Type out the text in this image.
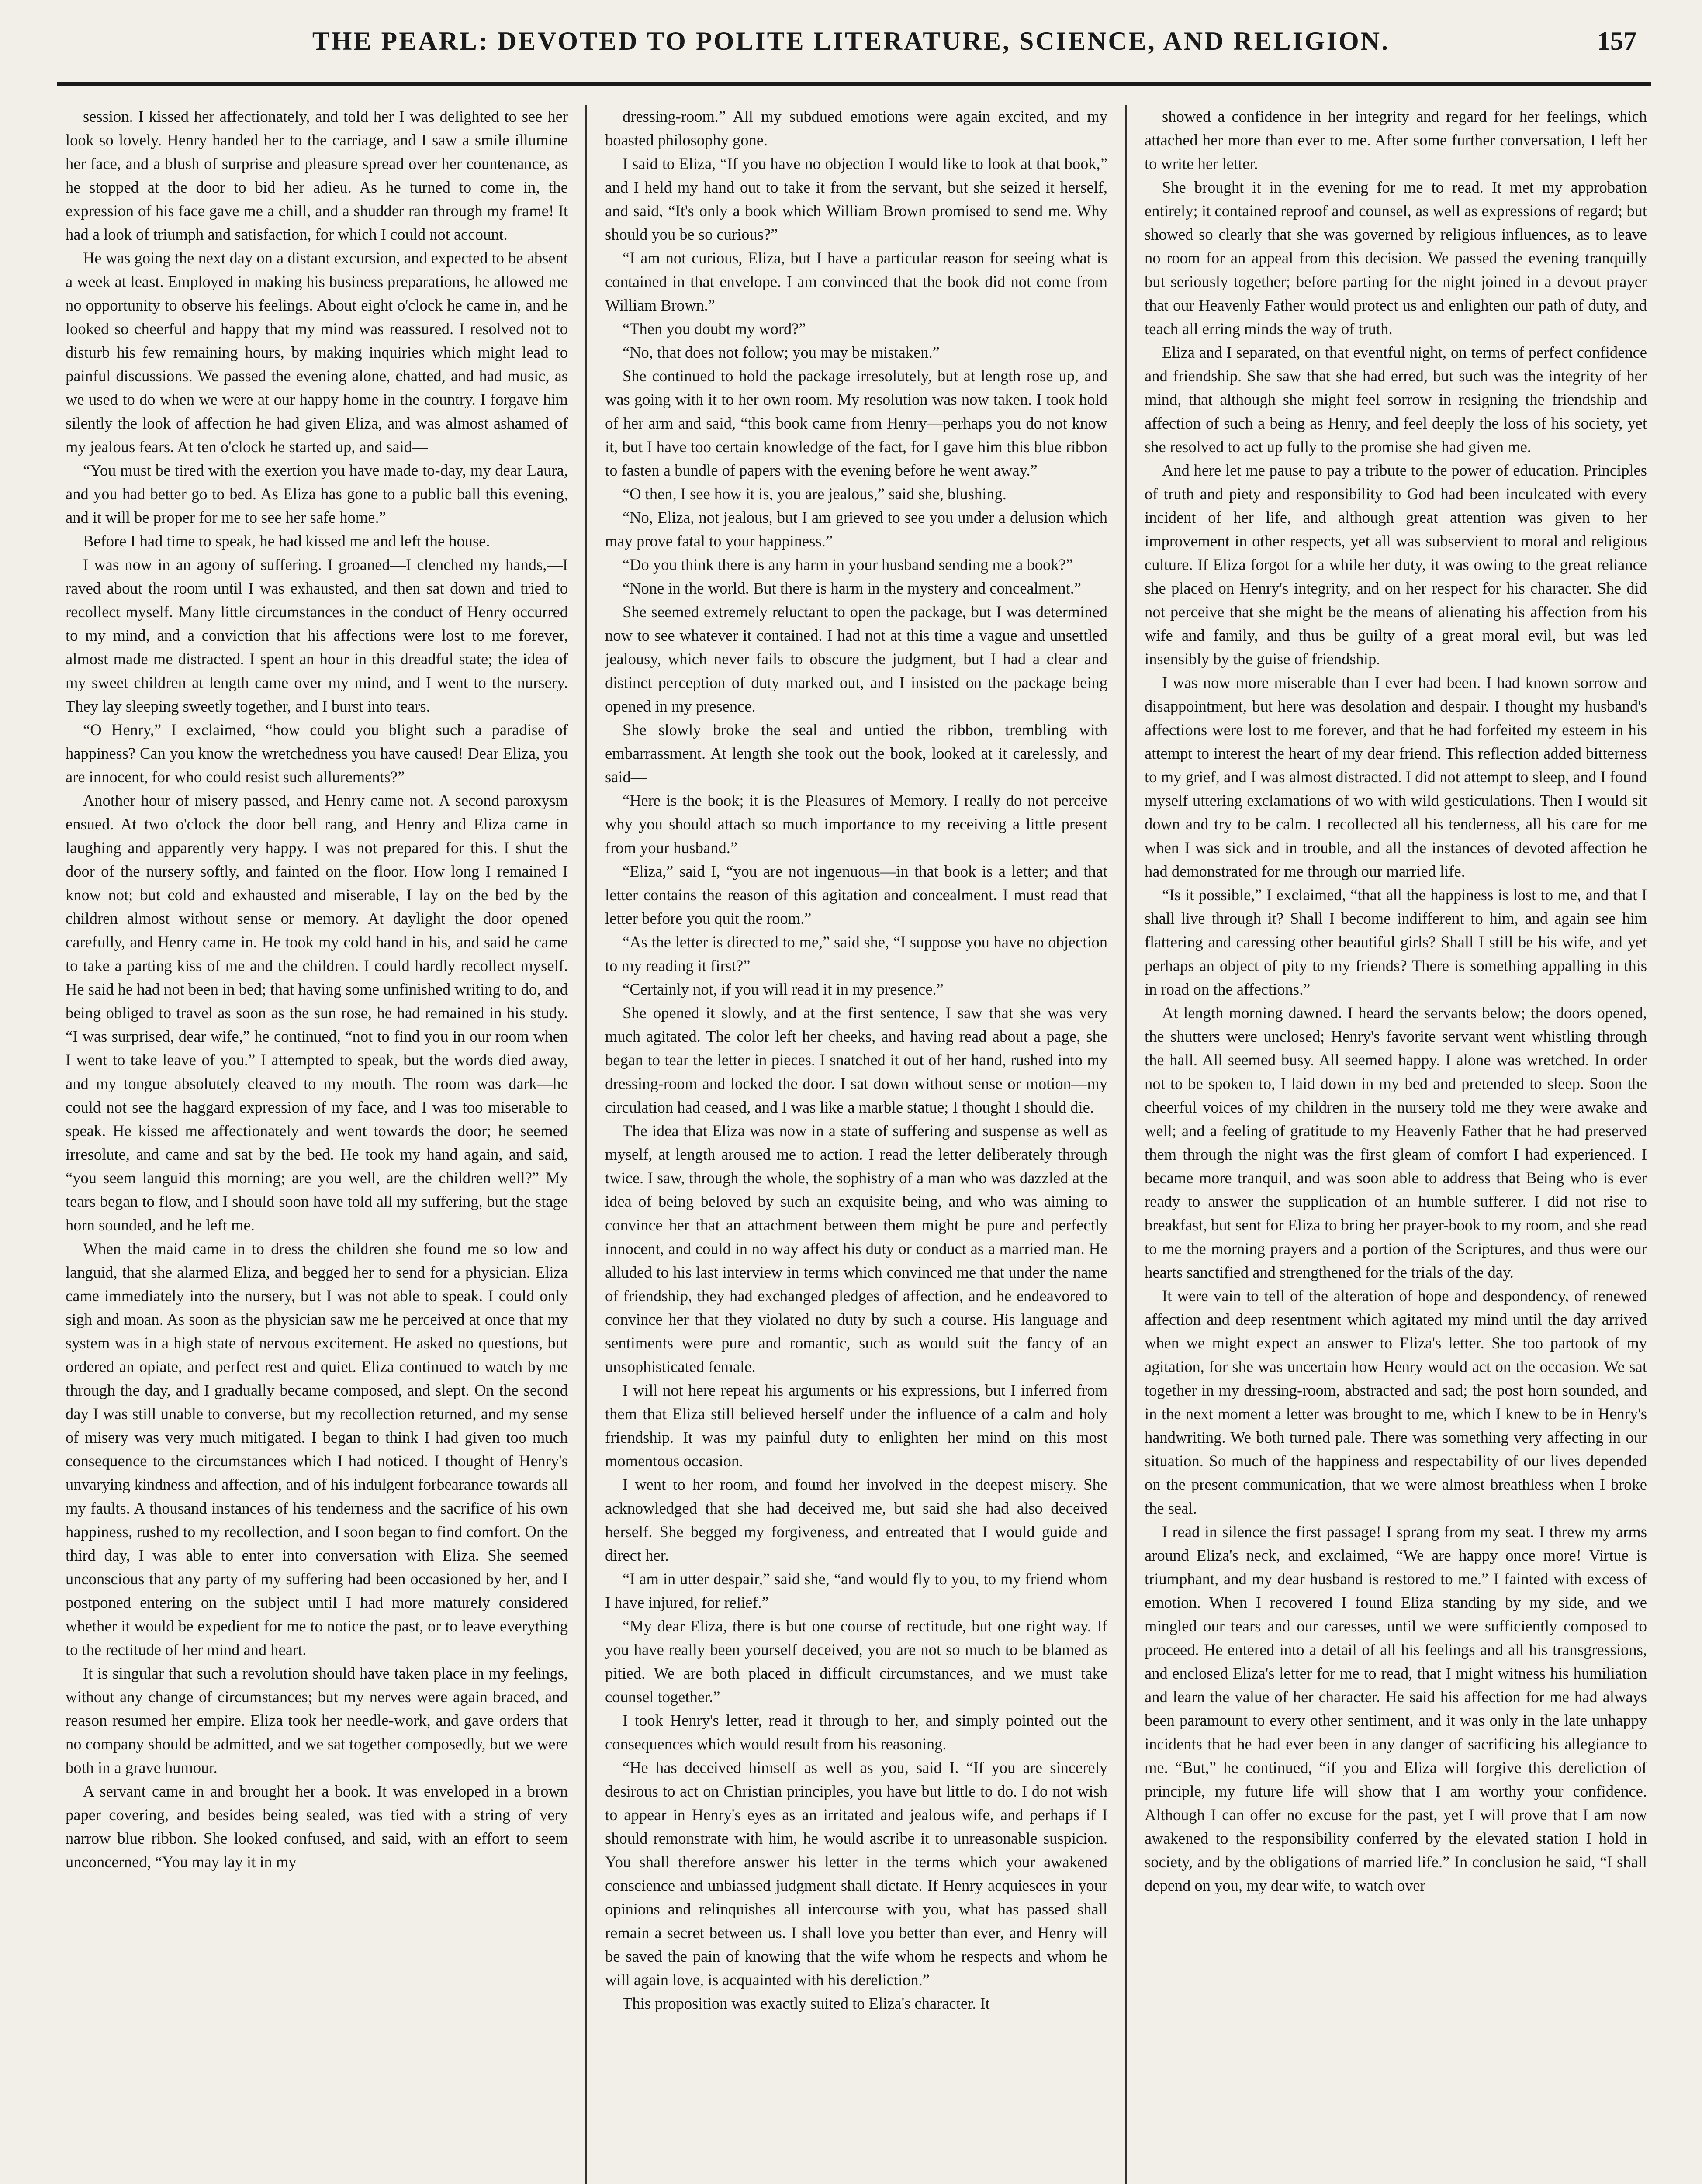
THE PEARL: DEVOTED TO POLITE LITERATURE, SCIENCE, AND RELIGION.	157

session. I kissed her affectionately, and told her I was delighted to see her look so lovely. Henry handed her to the carriage, and I saw a smile illumine her face, and a blush of surprise and pleasure spread over her countenance, as he stopped at the door to bid her adieu. As he turned to come in, the expression of his face gave me a chill, and a shudder ran through my frame! It had a look of triumph and satisfaction, for which I could not account.

He was going the next day on a distant excursion, and expected to be absent a week at least. Employed in making his business preparations, he allowed me no opportunity to observe his feelings. About eight o'clock he came in, and he looked so cheerful and happy that my mind was reassured. I resolved not to disturb his few remaining hours, by making inquiries which might lead to painful discussions. We passed the evening alone, chatted, and had music, as we used to do when we were at our happy home in the country. I forgave him silently the look of affection he had given Eliza, and was almost ashamed of my jealous fears. At ten o'clock he started up, and said—

“You must be tired with the exertion you have made to-day, my dear Laura, and you had better go to bed. As Eliza has gone to a public ball this evening, and it will be proper for me to see her safe home.”

Before I had time to speak, he had kissed me and left the house.

I was now in an agony of suffering. I groaned—I clenched my hands,—I raved about the room until I was exhausted, and then sat down and tried to recollect myself. Many little circumstances in the conduct of Henry occurred to my mind, and a conviction that his affections were lost to me forever, almost made me distracted. I spent an hour in this dreadful state; the idea of my sweet children at length came over my mind, and I went to the nursery. They lay sleeping sweetly together, and I burst into tears.

“O Henry,” I exclaimed, “how could you blight such a paradise of happiness? Can you know the wretchedness you have caused! Dear Eliza, you are innocent, for who could resist such allurements?”

Another hour of misery passed, and Henry came not. A second paroxysm ensued. At two o'clock the door bell rang, and Henry and Eliza came in laughing and apparently very happy. I was not prepared for this. I shut the door of the nursery softly, and fainted on the floor. How long I remained I know not; but cold and exhausted and miserable, I lay on the bed by the children almost without sense or memory. At daylight the door opened carefully, and Henry came in. He took my cold hand in his, and said he came to take a parting kiss of me and the children. I could hardly recollect myself. He said he had not been in bed; that having some unfinished writing to do, and being obliged to travel as soon as the sun rose, he had remained in his study. “I was surprised, dear wife,” he continued, “not to find you in our room when I went to take leave of you.” I attempted to speak, but the words died away, and my tongue absolutely cleaved to my mouth. The room was dark—he could not see the haggard expression of my face, and I was too miserable to speak. He kissed me affectionately and went towards the door; he seemed irresolute, and came and sat by the bed. He took my hand again, and said, “you seem languid this morning; are you well, are the children well?” My tears began to flow, and I should soon have told all my suffering, but the stage horn sounded, and he left me.

When the maid came in to dress the children she found me so low and languid, that she alarmed Eliza, and begged her to send for a physician. Eliza came immediately into the nursery, but I was not able to speak. I could only sigh and moan. As soon as the physician saw me he perceived at once that my system was in a high state of nervous excitement. He asked no questions, but ordered an opiate, and perfect rest and quiet. Eliza continued to watch by me through the day, and I gradually became composed, and slept. On the second day I was still unable to converse, but my recollection returned, and my sense of misery was very much mitigated. I began to think I had given too much consequence to the circumstances which I had noticed. I thought of Henry's unvarying kindness and affection, and of his indulgent forbearance towards all my faults. A thousand instances of his tenderness and the sacrifice of his own happiness, rushed to my recollection, and I soon began to find comfort. On the third day, I was able to enter into conversation with Eliza. She seemed unconscious that any party of my suffering had been occasioned by her, and I postponed entering on the subject until I had more maturely considered whether it would be expedient for me to notice the past, or to leave everything to the rectitude of her mind and heart.

It is singular that such a revolution should have taken place in my feelings, without any change of circumstances; but my nerves were again braced, and reason resumed her empire. Eliza took her needle-work, and gave orders that no company should be admitted, and we sat together composedly, but we were both in a grave humour.

A servant came in and brought her a book. It was enveloped in a brown paper covering, and besides being sealed, was tied with a string of very narrow blue ribbon. She looked confused, and said, with an effort to seem unconcerned, “You may lay it in my

dressing-room.” All my subdued emotions were again excited, and my boasted philosophy gone.

I said to Eliza, “If you have no objection I would like to look at that book,” and I held my hand out to take it from the servant, but she seized it herself, and said, “It's only a book which William Brown promised to send me. Why should you be so curious?”

“I am not curious, Eliza, but I have a particular reason for seeing what is contained in that envelope. I am convinced that the book did not come from William Brown.”

“Then you doubt my word?”

“No, that does not follow; you may be mistaken.”

She continued to hold the package irresolutely, but at length rose up, and was going with it to her own room. My resolution was now taken. I took hold of her arm and said, “this book came from Henry—perhaps you do not know it, but I have too certain knowledge of the fact, for I gave him this blue ribbon to fasten a bundle of papers with the evening before he went away.”

“O then, I see how it is, you are jealous,” said she, blushing.

“No, Eliza, not jealous, but I am grieved to see you under a delusion which may prove fatal to your happiness.”

“Do you think there is any harm in your husband sending me a book?”

“None in the world. But there is harm in the mystery and concealment.”

She seemed extremely reluctant to open the package, but I was determined now to see whatever it contained. I had not at this time a vague and unsettled jealousy, which never fails to obscure the judgment, but I had a clear and distinct perception of duty marked out, and I insisted on the package being opened in my presence.

She slowly broke the seal and untied the ribbon, trembling with embarrassment. At length she took out the book, looked at it carelessly, and said—

“Here is the book; it is the Pleasures of Memory. I really do not perceive why you should attach so much importance to my receiving a little present from your husband.”

“Eliza,” said I, “you are not ingenuous—in that book is a letter; and that letter contains the reason of this agitation and concealment. I must read that letter before you quit the room.”

“As the letter is directed to me,” said she, “I suppose you have no objection to my reading it first?”

“Certainly not, if you will read it in my presence.”

She opened it slowly, and at the first sentence, I saw that she was very much agitated. The color left her cheeks, and having read about a page, she began to tear the letter in pieces. I snatched it out of her hand, rushed into my dressing-room and locked the door. I sat down without sense or motion—my circulation had ceased, and I was like a marble statue; I thought I should die.

The idea that Eliza was now in a state of suffering and suspense as well as myself, at length aroused me to action. I read the letter deliberately through twice. I saw, through the whole, the sophistry of a man who was dazzled at the idea of being beloved by such an exquisite being, and who was aiming to convince her that an attachment between them might be pure and perfectly innocent, and could in no way affect his duty or conduct as a married man. He alluded to his last interview in terms which convinced me that under the name of friendship, they had exchanged pledges of affection, and he endeavored to convince her that they violated no duty by such a course. His language and sentiments were pure and romantic, such as would suit the fancy of an unsophisticated female.

I will not here repeat his arguments or his expressions, but I inferred from them that Eliza still believed herself under the influence of a calm and holy friendship. It was my painful duty to enlighten her mind on this most momentous occasion.

I went to her room, and found her involved in the deepest misery. She acknowledged that she had deceived me, but said she had also deceived herself. She begged my forgiveness, and entreated that I would guide and direct her.

“I am in utter despair,” said she, “and would fly to you, to my friend whom I have injured, for relief.”

“My dear Eliza, there is but one course of rectitude, but one right way. If you have really been yourself deceived, you are not so much to be blamed as pitied. We are both placed in difficult circumstances, and we must take counsel together.”

I took Henry's letter, read it through to her, and simply pointed out the consequences which would result from his reasoning.

“He has deceived himself as well as you, said I. “If you are sincerely desirous to act on Christian principles, you have but little to do. I do not wish to appear in Henry's eyes as an irritated and jealous wife, and perhaps if I should remonstrate with him, he would ascribe it to unreasonable suspicion. You shall therefore answer his letter in the terms which your awakened conscience and unbiassed judgment shall dictate. If Henry acquiesces in your opinions and relinquishes all intercourse with you, what has passed shall remain a secret between us. I shall love you better than ever, and Henry will be saved the pain of knowing that the wife whom he respects and whom he will again love, is acquainted with his dereliction.”

This proposition was exactly suited to Eliza's character. It

showed a confidence in her integrity and regard for her feelings, which attached her more than ever to me. After some further conversation, I left her to write her letter.

She brought it in the evening for me to read. It met my approbation entirely; it contained reproof and counsel, as well as expressions of regard; but showed so clearly that she was governed by religious influences, as to leave no room for an appeal from this decision. We passed the evening tranquilly but seriously together; before parting for the night joined in a devout prayer that our Heavenly Father would protect us and enlighten our path of duty, and teach all erring minds the way of truth.

Eliza and I separated, on that eventful night, on terms of perfect confidence and friendship. She saw that she had erred, but such was the integrity of her mind, that although she might feel sorrow in resigning the friendship and affection of such a being as Henry, and feel deeply the loss of his society, yet she resolved to act up fully to the promise she had given me.

And here let me pause to pay a tribute to the power of education. Principles of truth and piety and responsibility to God had been inculcated with every incident of her life, and although great attention was given to her improvement in other respects, yet all was subservient to moral and religious culture. If Eliza forgot for a while her duty, it was owing to the great reliance she placed on Henry's integrity, and on her respect for his character. She did not perceive that she might be the means of alienating his affection from his wife and family, and thus be guilty of a great moral evil, but was led insensibly by the guise of friendship.

I was now more miserable than I ever had been. I had known sorrow and disappointment, but here was desolation and despair. I thought my husband's affections were lost to me forever, and that he had forfeited my esteem in his attempt to interest the heart of my dear friend. This reflection added bitterness to my grief, and I was almost distracted. I did not attempt to sleep, and I found myself uttering exclamations of wo with wild gesticulations. Then I would sit down and try to be calm. I recollected all his tenderness, all his care for me when I was sick and in trouble, and all the instances of devoted affection he had demonstrated for me through our married life.

“Is it possible,” I exclaimed, “that all the happiness is lost to me, and that I shall live through it? Shall I become indifferent to him, and again see him flattering and caressing other beautiful girls? Shall I still be his wife, and yet perhaps an object of pity to my friends? There is something appalling in this in road on the affections.”

At length morning dawned. I heard the servants below; the doors opened, the shutters were unclosed; Henry's favorite servant went whistling through the hall. All seemed busy. All seemed happy. I alone was wretched. In order not to be spoken to, I laid down in my bed and pretended to sleep. Soon the cheerful voices of my children in the nursery told me they were awake and well; and a feeling of gratitude to my Heavenly Father that he had preserved them through the night was the first gleam of comfort I had experienced. I became more tranquil, and was soon able to address that Being who is ever ready to answer the supplication of an humble sufferer. I did not rise to breakfast, but sent for Eliza to bring her prayer-book to my room, and she read to me the morning prayers and a portion of the Scriptures, and thus were our hearts sanctified and strengthened for the trials of the day.

It were vain to tell of the alteration of hope and despondency, of renewed affection and deep resentment which agitated my mind until the day arrived when we might expect an answer to Eliza's letter. She too partook of my agitation, for she was uncertain how Henry would act on the occasion. We sat together in my dressing-room, abstracted and sad; the post horn sounded, and in the next moment a letter was brought to me, which I knew to be in Henry's handwriting. We both turned pale. There was something very affecting in our situation. So much of the happiness and respectability of our lives depended on the present communication, that we were almost breathless when I broke the seal.

I read in silence the first passage! I sprang from my seat. I threw my arms around Eliza's neck, and exclaimed, “We are happy once more! Virtue is triumphant, and my dear husband is restored to me.” I fainted with excess of emotion. When I recovered I found Eliza standing by my side, and we mingled our tears and our caresses, until we were sufficiently composed to proceed. He entered into a detail of all his feelings and all his transgressions, and enclosed Eliza's letter for me to read, that I might witness his humiliation and learn the value of her character. He said his affection for me had always been paramount to every other sentiment, and it was only in the late unhappy incidents that he had ever been in any danger of sacrificing his allegiance to me. “But,” he continued, “if you and Eliza will forgive this dereliction of principle, my future life will show that I am worthy your confidence. Although I can offer no excuse for the past, yet I will prove that I am now awakened to the responsibility conferred by the elevated station I hold in society, and by the obligations of married life.” In conclusion he said, “I shall depend on you, my dear wife, to watch over
